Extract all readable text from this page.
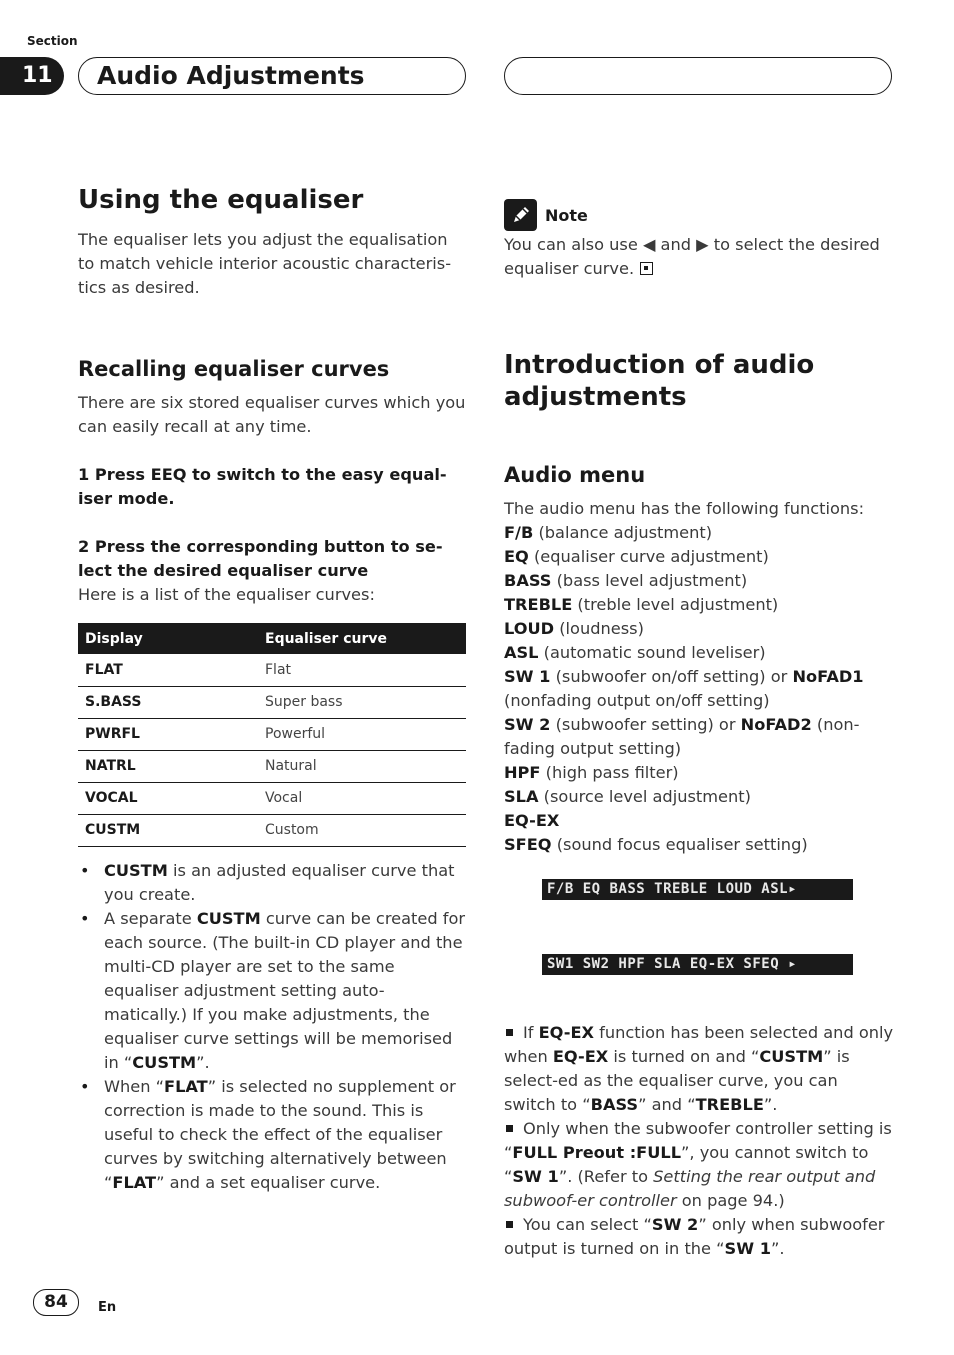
Section
11	Audio Adjustments
Using the equaliser

The equaliser lets you adjust the equalisation to match vehicle interior acoustic characteris-tics as desired.

Recalling equaliser curves

There are six stored equaliser curves which you can easily recall at any time.

1 Press EEQ to switch to the easy equal-iser mode.

2 Press the corresponding button to se-lect the desired equaliser curve

Here is a list of the equaliser curves:

Display	Equaliser curve
FLAT	Flat
S.BASS	Super bass
PWRFL	Powerful
NATRL	Natural
VOCAL	Vocal
CUSTM	Custom
• CUSTM is an adjusted equaliser curve that you create.
• A separate CUSTM curve can be created for each source. (The built-in CD player and the multi-CD player are set to the same equaliser adjustment setting auto-matically.) If you make adjustments, the equaliser curve settings will be memorised in “CUSTM”.
• When “FLAT” is selected no supplement or correction is made to the sound. This is useful to check the effect of the equaliser curves by switching alternatively between “FLAT” and a set equaliser curve.
Note

You can also use ◀ and ▶ to select the desired equaliser curve.

Introduction of audio adjustments
Audio menu
The audio menu has the following functions:
F/B (balance adjustment)
EQ (equaliser curve adjustment)
BASS (bass level adjustment)
TREBLE (treble level adjustment)
LOUD (loudness)
ASL (automatic sound leveliser)
SW 1 (subwoofer on/off setting) or NoFAD1 (nonfading output on/off setting)
SW 2 (subwoofer setting) or NoFAD2 (non-fading output setting)
HPF (high pass filter)
SLA (source level adjustment)
EQ-EX
SFEQ (sound focus equaliser setting)
F/B EQ BASS TREBLE LOUD ASL▸
SW1 SW2 HPF SLA EQ-EX SFEQ ▸

If EQ-EX function has been selected and only when EQ-EX is turned on and “CUSTM” is select-ed as the equaliser curve, you can switch to “BASS” and “TREBLE”.

Only when the subwoofer controller setting is “FULL Preout :FULL”, you cannot switch to “SW 1”. (Refer to Setting the rear output and subwoof-er controller on page 94.)

You can select “SW 2” only when subwoofer output is turned on in the “SW 1”.

84	En
